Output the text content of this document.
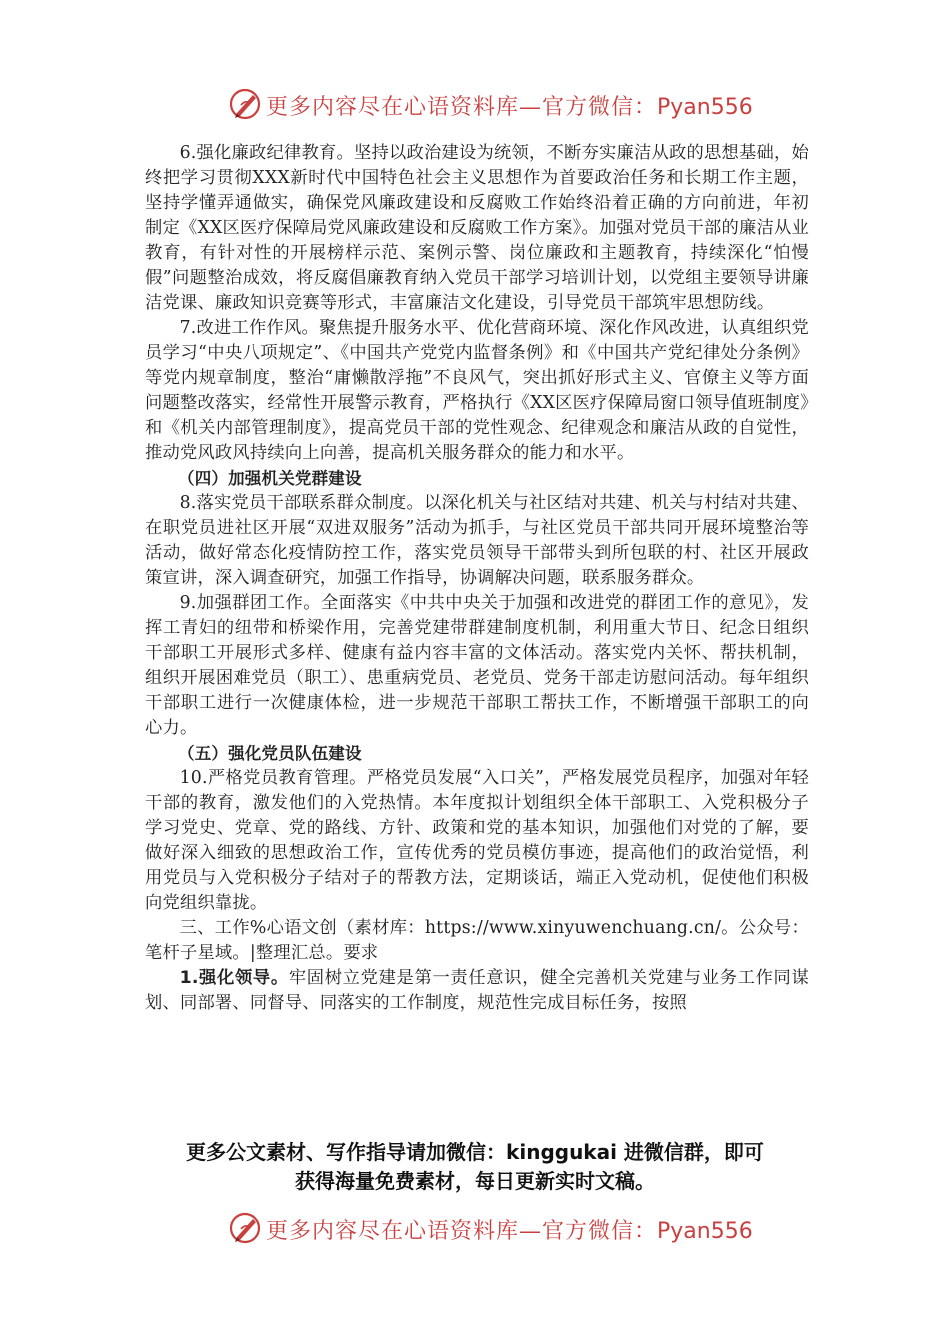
更多内容尽在心语资料库—官方微信：Pyan556

6.强化廉政纪律教育。坚持以政治建设为统领，不断夯实廉洁从政的思想基础，始终把学习贯彻XXX新时代中国特色社会主义思想作为首要政治任务和长期工作主题，坚持学懂弄通做实，确保党风廉政建设和反腐败工作始终沿着正确的方向前进，年初制定《XX区医疗保障局党风廉政建设和反腐败工作方案》。加强对党员干部的廉洁从业教育，有针对性的开展榜样示范、案例示警、岗位廉政和主题教育，持续深化“怕慢假”问题整治成效，将反腐倡廉教育纳入党员干部学习培训计划，以党组主要领导讲廉洁党课、廉政知识竞赛等形式，丰富廉洁文化建设，引导党员干部筑牢思想防线。

7.改进工作作风。聚焦提升服务水平、优化营商环境、深化作风改进，认真组织党员学习“中央八项规定”、《中国共产党党内监督条例》和《中国共产党纪律处分条例》等党内规章制度，整治“庸懒散浮拖”不良风气，突出抓好形式主义、官僚主义等方面问题整改落实，经常性开展警示教育，严格执行《XX区医疗保障局窗口领导值班制度》和《机关内部管理制度》，提高党员干部的党性观念、纪律观念和廉洁从政的自觉性，推动党风政风持续向上向善，提高机关服务群众的能力和水平。

（四）加强机关党群建设

8.落实党员干部联系群众制度。以深化机关与社区结对共建、机关与村结对共建、在职党员进社区开展“双进双服务”活动为抓手，与社区党员干部共同开展环境整治等活动，做好常态化疫情防控工作，落实党员领导干部带头到所包联的村、社区开展政策宣讲，深入调查研究，加强工作指导，协调解决问题，联系服务群众。

9.加强群团工作。全面落实《中共中央关于加强和改进党的群团工作的意见》，发挥工青妇的纽带和桥梁作用，完善党建带群建制度机制，利用重大节日、纪念日组织干部职工开展形式多样、健康有益内容丰富的文体活动。落实党内关怀、帮扶机制，组织开展困难党员（职工）、患重病党员、老党员、党务干部走访慰问活动。每年组织干部职工进行一次健康体检，进一步规范干部职工帮扶工作，不断增强干部职工的向心力。

（五）强化党员队伍建设

10.严格党员教育管理。严格党员发展“入口关”，严格发展党员程序，加强对年轻干部的教育，激发他们的入党热情。本年度拟计划组织全体干部职工、入党积极分子学习党史、党章、党的路线、方针、政策和党的基本知识，加强他们对党的了解，要做好深入细致的思想政治工作，宣传优秀的党员模仿事迹，提高他们的政治觉悟，利用党员与入党积极分子结对子的帮教方法，定期谈话，端正入党动机，促使他们积极向党组织靠拢。

三、工作%心语文创（素材库：https://www.xinyuwenchuang.cn/。公众号：笔杆子星域。|整理汇总。要求

1.强化领导。牢固树立党建是第一责任意识，健全完善机关党建与业务工作同谋划、同部署、同督导、同落实的工作制度，规范性完成目标任务，按照

更多公文素材、写作指导请加微信：kinggukai 进微信群，即可
获得海量免费素材，每日更新实时文稿。
更多内容尽在心语资料库—官方微信：Pyan556
